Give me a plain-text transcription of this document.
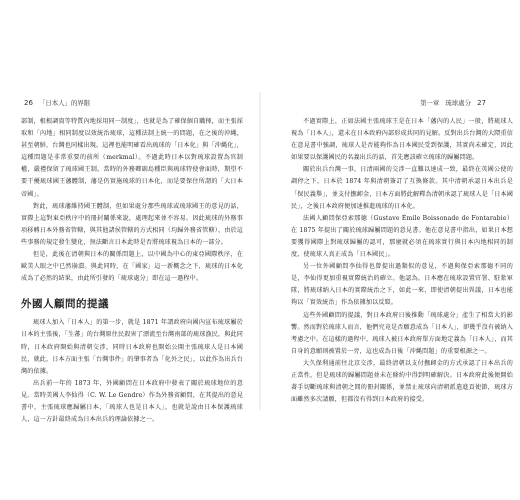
26 「日本人」的界限	第一章 琉球處分 27

部制，根根調資等特質內地採用同一制度」，也就是為了確保個自職揮，而主張採取和「內地」相同制度以效統治琉球，這種法制上統一的問題，在之後的沖縄，甚至朝鮮，台灣也同樣出現。這裡也能明確看出琉球的「日本化」與「沖縄化」，這種問題是非常重要的前所（merkmal）。不過此時日本以對琉球設置為官制權，嚴禮保留了琉球國王制。當時的外務卿副島種臣與琉球特使會面時，期望不要干擾琉球國王藩體制，藩是仍實施琉球的日本化，而是要保住所謂的「大日本帝國」。

對此，琉球藩維持國王體制，但如果處分那些琉球或琉球國王的意見的話，實際上這對東亞秩序中的冊封關係來說，處理起來並不容易。因此琉球的外務事項移轉日本外務省管轄，與其他諸侯管轄的方式相同（均歸外務省管轄），由於這些事務的規定發生變化，無法斷言日本此時是否將琉球視為日本的一部分。

但是，此後在清朝與日本的關係問題上，以中國為中心的東亞國際秩序，在歐美人眼之中已然崩潰。與此同時，在「國家」這一新概念之下，琉球的日本化成為了必然的結果，由此所引發的「琉球處分」即在這一過程中。

外國人顧問的提議

琉球人加入「日本人」的第一步，就是 1871 年謂政府向國內宣布琉球屬於日本的主張後，「生蕃」的台灣原住民殺害了漂流至台灣南部的琉球漁民，與此同時，日本政府開始與清朝交涉，同時日本政府也開始公開主張琉球人是日本國民，就此，日本方面主張「台灣事件」的肇事者為「化外之民」，以此作為出兵台灣的依據。

出兵前一年的 1873 年，外國顧問在日本政府中發表了關於琉球地位的意見。當時美國人李仙得（C. W. Le Gendre）作為外務省顧問，在其提出的意見書中，主張琉球應歸屬日本，「琉球人也是日本人」，也就是說由日本保護琉球人，這一方針最終成為日本出兵的理論依據之一。

不過實際上，正如法國主張琉球王是在日本「藩內的人民」一般，將琉球人視為「日本人」，還未在日本政府內部形成共同的見解。反對出兵台灣的大隈重信在意見書中強調，琉球人是否能夠作為日本國民受到保護，其實尚未確定，因此如果要以保護國民的名義出兵的話，首先應該確立琉球的歸屬問題。

關於出兵台灣一事，日清兩國的交涉一直難以達成一致，最終在英國公使的調停之下，日本於 1874 年與清朝簽訂了互換條款。其中清朝承認日本出兵是「保民義舉」，並支付撫卹金，日本方面將此解釋為清朝承認了琉球人是「日本國民」，之後日本政府便加速推進琉球的日本化。

法國人顧問保亞索那德（Gustave Émile Boissonade de Fontarabie）在 1875 年提出了關於琉球歸屬問題的意見書。他在意見書中指出，如果日本想要獲得國際上對琉球歸屬的認可，那麼就必須在琉球實行與日本內地相同的制度，使琉球人真正成為「日本國民」。

另一位外國顧問李仙得也曾提出過類似的意見，不過與保亞索那德不同的是，李仙得更加重視實際統治的確立。他認為，日本應在琉球設置官署、駐紮軍隊，將琉球納入日本的實際統治之下，如此一來，即使清朝提出異議，日本也能夠以「實效統治」作為依據加以反駁。

這些外國顧問的提議，對日本政府日後推動「琉球處分」產生了相當大的影響。然而對於琉球人而言，他們究竟是否願意成為「日本人」，卻幾乎沒有被納入考慮之中。在這樣的過程中，琉球人被日本政府單方面地定義為「日本人」，而其自身的意願則被置於一旁，這也成為日後「沖縄問題」的重要根源之一。

大久保利通前往北京交涉，最終清朝以支付撫卹金的方式承認了日本出兵的正當性，但是琉球的歸屬問題並未在條約中得到明確解決。日本政府此後便開始著手切斷琉球與清朝之間的冊封關係，並禁止琉球向清朝派遣進貢使節，琉球方面雖然多次請願，但都沒有得到日本政府的接受。
